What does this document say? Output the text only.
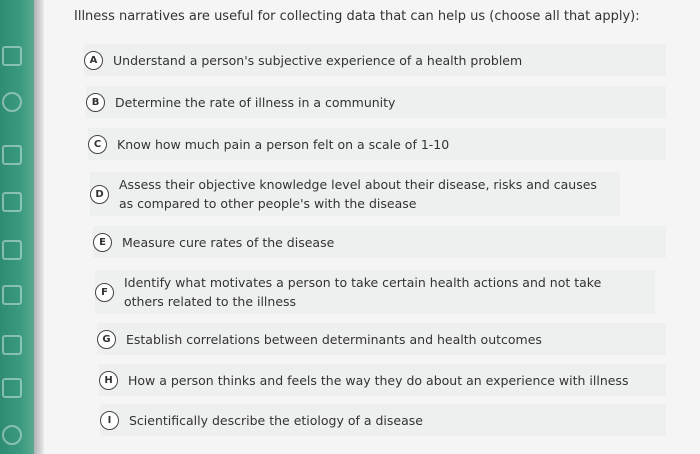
Illness narratives are useful for collecting data that can help us (choose all that apply):
A	Understand a person's subjective experience of a health problem
B	Determine the rate of illness in a community
C	Know how much pain a person felt on a scale of 1-10
D
Assess their objective knowledge level about their disease, risks and causes as compared to other people's with the disease
E	Measure cure rates of the disease
F
Identify what motivates a person to take certain health actions and not take others related to the illness
G	Establish correlations between determinants and health outcomes
H	How a person thinks and feels the way they do about an experience with illness
I	Scientifically describe the etiology of a disease
